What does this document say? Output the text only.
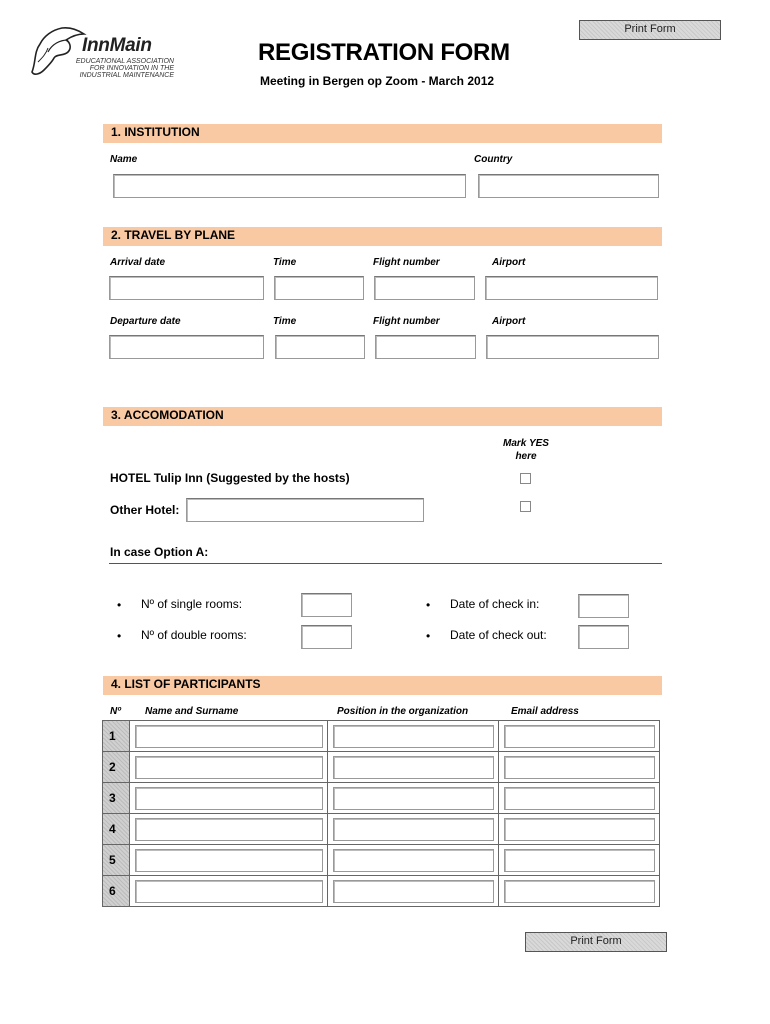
Print Form
InnMain
EDUCATIONAL ASSOCIATION
FOR INNOVATION IN THE
INDUSTRIAL MAINTENANCE
REGISTRATION FORM
Meeting in Bergen op Zoom - March 2012
1. INSTITUTION
Name	Country
2. TRAVEL BY PLANE
Arrival date	Time	Flight number	Airport
Departure date	Time	Flight number	Airport
3. ACCOMODATION
Mark YES
here
HOTEL Tulip Inn (Suggested by the hosts)
Other Hotel:
In case Option A:
• Nº of single rooms:	• Date of check in:
• Nº of double rooms:	• Date of check out:
4. LIST OF PARTICIPANTS
Nº Name and Surname	Position in the organization	Email address
1	

2	

3	

4	

5	

6	

Print Form
